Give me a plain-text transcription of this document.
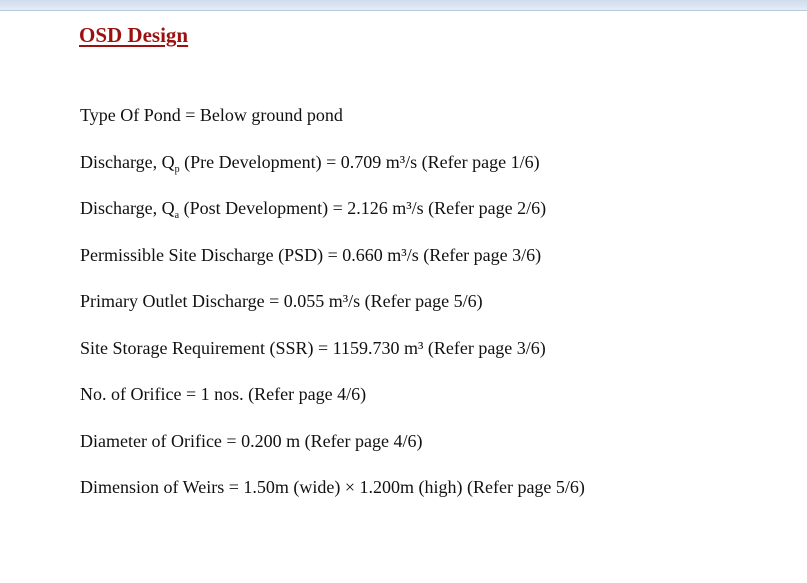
OSD Design
Type Of Pond = Below ground pond
Discharge, $Q_p$ (Pre Development) = 0.709 m³/s (Refer page 1/6)
Discharge, $Q_a$ (Post Development) = 2.126 m³/s (Refer page 2/6)
Permissible Site Discharge (PSD) = 0.660 m³/s (Refer page 3/6)
Primary Outlet Discharge = 0.055 m³/s (Refer page 5/6)
Site Storage Requirement (SSR) = 1159.730 m³ (Refer page 3/6)
No. of Orifice = 1 nos. (Refer page 4/6)
Diameter of Orifice = 0.200 m (Refer page 4/6)
Dimension of Weirs = 1.50m (wide) × 1.200m (high) (Refer page 5/6)
